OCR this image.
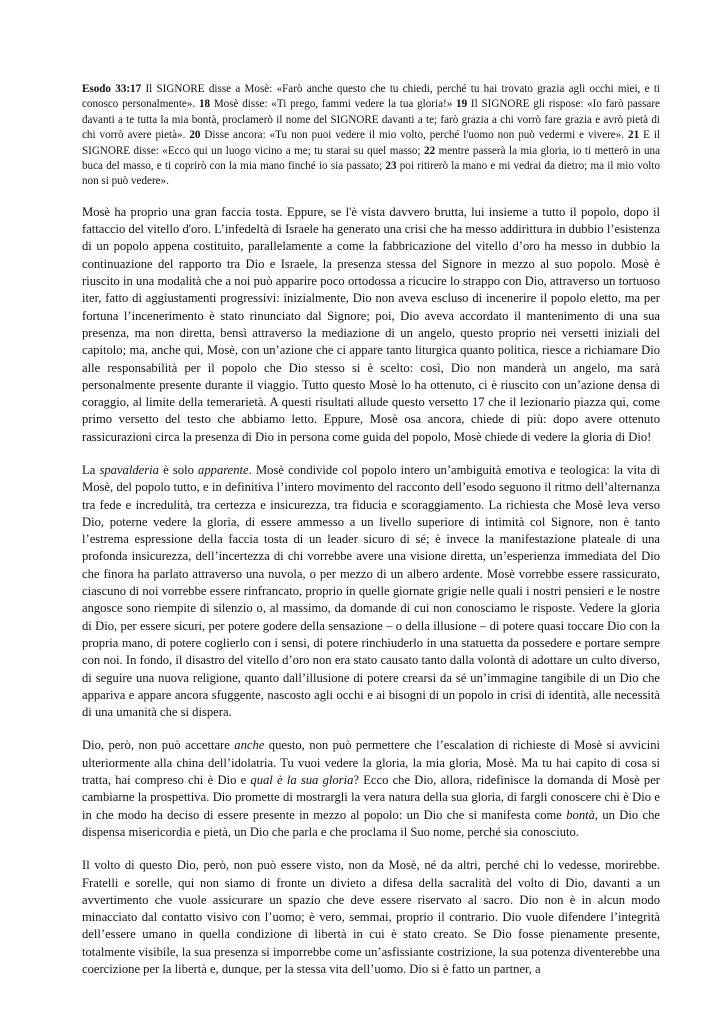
Esodo 33:17 Il SIGNORE disse a Mosè: «Farò anche questo che tu chiedi, perché tu hai trovato grazia agli occhi miei, e ti conosco personalmente». 18 Mosè disse: «Ti prego, fammi vedere la tua gloria!» 19 Il SIGNORE gli rispose: «Io farò passare davanti a te tutta la mia bontà, proclamerò il nome del SIGNORE davanti a te; farò grazia a chi vorrò fare grazia e avrò pietà di chi vorrò avere pietà». 20 Disse ancora: «Tu non puoi vedere il mio volto, perché l'uomo non può vedermi e vivere». 21 E il SIGNORE disse: «Ecco qui un luogo vicino a me; tu starai su quel masso; 22 mentre passerà la mia gloria, io ti metterò in una buca del masso, e ti coprirò con la mia mano finché io sia passato; 23 poi ritirerò la mano e mi vedrai da dietro; ma il mio volto non si può vedere».

Mosè ha proprio una gran faccia tosta. Eppure, se l'è vista davvero brutta, lui insieme a tutto il popolo, dopo il fattaccio del vitello d'oro. L’infedeltà di Israele ha generato una crisi che ha messo addirittura in dubbio l’esistenza di un popolo appena costituito, parallelamente a come la fabbricazione del vitello d’oro ha messo in dubbio la continuazione del rapporto tra Dio e Israele, la presenza stessa del Signore in mezzo al suo popolo. Mosè è riuscito in una modalità che a noi può apparire poco ortodossa a ricucire lo strappo con Dio, attraverso un tortuoso iter, fatto di aggiustamenti progressivi: inizialmente, Dio non aveva escluso di incenerire il popolo eletto, ma per fortuna l’incenerimento è stato rinunciato dal Signore; poi, Dio aveva accordato il mantenimento di una sua presenza, ma non diretta, bensì attraverso la mediazione di un angelo, questo proprio nei versetti iniziali del capitolo; ma, anche qui, Mosè, con un’azione che ci appare tanto liturgica quanto politica, riesce a richiamare Dio alle responsabilità per il popolo che Dio stesso si è scelto: così, Dio non manderà un angelo, ma sarà personalmente presente durante il viaggio. Tutto questo Mosè lo ha ottenuto, ci è riuscito con un’azione densa di coraggio, al limite della temerarietà. A questi risultati allude questo versetto 17 che il lezionario piazza qui, come primo versetto del testo che abbiamo letto. Eppure, Mosè osa ancora, chiede di più: dopo avere ottenuto rassicurazioni circa la presenza di Dio in persona come guida del popolo, Mosè chiede di vedere la gloria di Dio!

La spavalderia è solo apparente. Mosè condivide col popolo intero un’ambiguità emotiva e teologica: la vita di Mosè, del popolo tutto, e in definitiva l’intero movimento del racconto dell’esodo seguono il ritmo dell’alternanza tra fede e incredulità, tra certezza e insicurezza, tra fiducia e scoraggiamento. La richiesta che Mosè leva verso Dio, poterne vedere la gloria, di essere ammesso a un livello superiore di intimità col Signore, non è tanto l’estrema espressione della faccia tosta di un leader sicuro di sé; è invece la manifestazione plateale di una profonda insicurezza, dell’incertezza di chi vorrebbe avere una visione diretta, un’esperienza immediata del Dio che finora ha parlato attraverso una nuvola, o per mezzo di un albero ardente. Mosè vorrebbe essere rassicurato, ciascuno di noi vorrebbe essere rinfrancato, proprio in quelle giornate grigie nelle quali i nostri pensieri e le nostre angosce sono riempite di silenzio o, al massimo, da domande di cui non conosciamo le risposte. Vedere la gloria di Dio, per essere sicuri, per potere godere della sensazione – o della illusione – di potere quasi toccare Dio con la propria mano, di potere coglierlo con i sensi, di potere rinchiuderlo in una statuetta da possedere e portare sempre con noi. In fondo, il disastro del vitello d’oro non era stato causato tanto dalla volontà di adottare un culto diverso, di seguire una nuova religione, quanto dall’illusione di potere crearsi da sé un’immagine tangibile di un Dio che appariva e appare ancora sfuggente, nascosto agli occhi e ai bisogni di un popolo in crisi di identità, alle necessità di una umanità che si dispera.

Dio, però, non può accettare anche questo, non può permettere che l’escalation di richieste di Mosè si avvicini ulteriormente alla china dell’idolatria. Tu vuoi vedere la gloria, la mia gloria, Mosè. Ma tu hai capito di cosa si tratta, hai compreso chi è Dio e qual è la sua gloria? Ecco che Dio, allora, ridefinisce la domanda di Mosè per cambiarne la prospettiva. Dio promette di mostrargli la vera natura della sua gloria, di fargli conoscere chi è Dio e in che modo ha deciso di essere presente in mezzo al popolo: un Dio che si manifesta come bontà, un Dio che dispensa misericordia e pietà, un Dio che parla e che proclama il Suo nome, perché sia conosciuto.

Il volto di questo Dio, però, non può essere visto, non da Mosè, né da altri, perché chi lo vedesse, morirebbe. Fratelli e sorelle, qui non siamo di fronte un divieto a difesa della sacralità del volto di Dio, davanti a un avvertimento che vuole assicurare un spazio che deve essere riservato al sacro. Dio non è in alcun modo minacciato dal contatto visivo con l’uomo; è vero, semmai, proprio il contrario. Dio vuole difendere l’integrità dell’essere umano in quella condizione di libertà in cui è stato creato. Se Dio fosse pienamente presente, totalmente visibile, la sua presenza si imporrebbe come un’asfissiante costrizione, la sua potenza diventerebbe una coercizione per la libertà e, dunque, per la stessa vita dell’uomo. Dio si è fatto un partner, a
